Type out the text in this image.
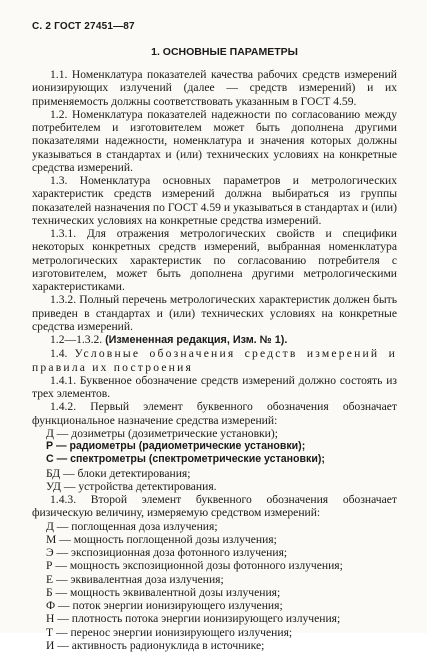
С. 2 ГОСТ 27451—87
1. ОСНОВНЫЕ ПАРАМЕТРЫ

1.1. Номенклатура показателей качества рабочих средств измерений ионизирующих излучений (далее — средств измерений) и их применяемость должны соответствовать указанным в ГОСТ 4.59.

1.2. Номенклатура показателей надежности по согласованию между потребителем и изготовителем может быть дополнена другими показателями надежности, номенклатура и значения которых должны указываться в стандартах и (или) технических условиях на конкретные средства измерений.

1.3. Номенклатура основных параметров и метрологических характеристик средств измерений должна выбираться из группы показателей назначения по ГОСТ 4.59 и указываться в стандартах и (или) технических условиях на конкретные средства измерений.

1.3.1. Для отражения метрологических свойств и специфики некоторых конкретных средств измерений, выбранная номенклатура метрологических характеристик по согласованию потребителя с изготовителем, может быть дополнена другими метрологическими характеристиками.

1.3.2. Полный перечень метрологических характеристик должен быть приведен в стандартах и (или) технических условиях на конкретные средства измерений.

1.2—1.3.2. (Измененная редакция, Изм. № 1).

1.4. Условные обозначения средств измерений и правила их построения

1.4.1. Буквенное обозначение средств измерений должно состоять из трех элементов.

1.4.2. Первый элемент буквенного обозначения обозначает функциональное назначение средства измерений:

Д — дозиметры (дозиметрические установки);
Р — радиометры (радиометрические установки);
С — спектрометры (спектрометрические установки);
БД — блоки детектирования;
УД — устройства детектирования.

1.4.3. Второй элемент буквенного обозначения обозначает физическую величину, измеряемую средством измерений:

Д — поглощенная доза излучения;
М — мощность поглощенной дозы излучения;
Э — экспозиционная доза фотонного излучения;
Р — мощность экспозиционной дозы фотонного излучения;
Е — эквивалентная доза излучения;
Б — мощность эквивалентной дозы излучения;
Ф — поток энергии ионизирующего излучения;
Н — плотность потока энергии ионизирующего излучения;
Т — перенос энергии ионизирующего излучения;
И — активность радионуклида в источнике;
